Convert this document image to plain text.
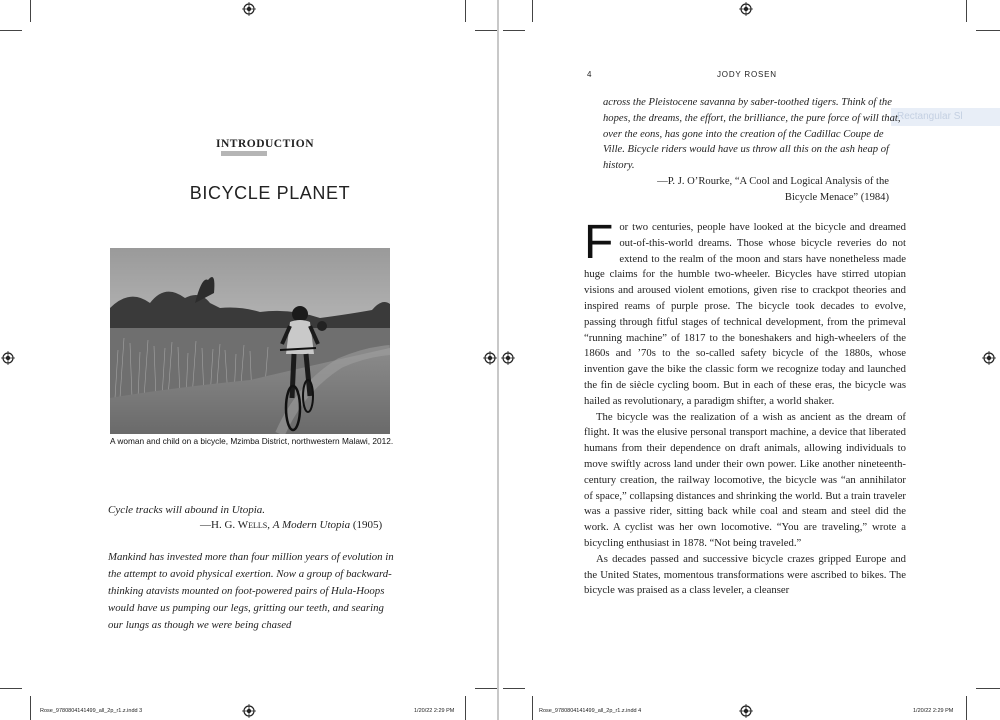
INTRODUCTION
BICYCLE PLANET
A woman and child on a bicycle, Mzimba District, northwestern Malawi, 2012.
Cycle tracks will abound in Utopia.
—H. G. Wells, A Modern Utopia (1905)
Mankind has invested more than four million years of evolution in the attempt to avoid physical exertion. Now a group of backward-thinking atavists mounted on foot-powered pairs of Hula-Hoops would have us pumping our legs, gritting our teeth, and searing our lungs as though we were being chased
Rose_9780804141499_all_2p_r1.z.indd 3	1/20/22 2:29 PM
4	JODY ROSEN
Rectangular Sl
across the Pleistocene savanna by saber-toothed tigers. Think of the hopes, the dreams, the effort, the brilliance, the pure force of will that, over the eons, has gone into the creation of the Cadillac Coupe de Ville. Bicycle riders would have us throw all this on the ash heap of history.
—P. J. O’Rourke, “A Cool and Logical Analysis of the Bicycle Menace” (1984)

For two centuries, people have looked at the bicycle and dreamed out-of-this-world dreams. Those whose bicycle reveries do not extend to the realm of the moon and stars have nonetheless made huge claims for the humble two-wheeler. Bicycles have stirred utopian visions and aroused violent emotions, given rise to crackpot theories and inspired reams of purple prose. The bicycle took decades to evolve, passing through fitful stages of technical development, from the primeval “running machine” of 1817 to the boneshakers and high-wheelers of the 1860s and ’70s to the so-called safety bicycle of the 1880s, whose invention gave the bike the classic form we recognize today and launched the fin de siècle cycling boom. But in each of these eras, the bicycle was hailed as revolutionary, a paradigm shifter, a world shaker.

The bicycle was the realization of a wish as ancient as the dream of flight. It was the elusive personal transport machine, a device that liberated humans from their dependence on draft animals, allowing individuals to move swiftly across land under their own power. Like another nineteenth-century creation, the railway locomotive, the bicycle was “an annihilator of space,” collapsing distances and shrinking the world. But a train traveler was a passive rider, sitting back while coal and steam and steel did the work. A cyclist was her own locomotive. “You are traveling,” wrote a bicycling enthusiast in 1878. “Not being traveled.”

As decades passed and successive bicycle crazes gripped Europe and the United States, momentous transformations were ascribed to bikes. The bicycle was praised as a class leveler, a cleanser

Rose_9780804141499_all_2p_r1.z.indd 4	1/20/22 2:29 PM
